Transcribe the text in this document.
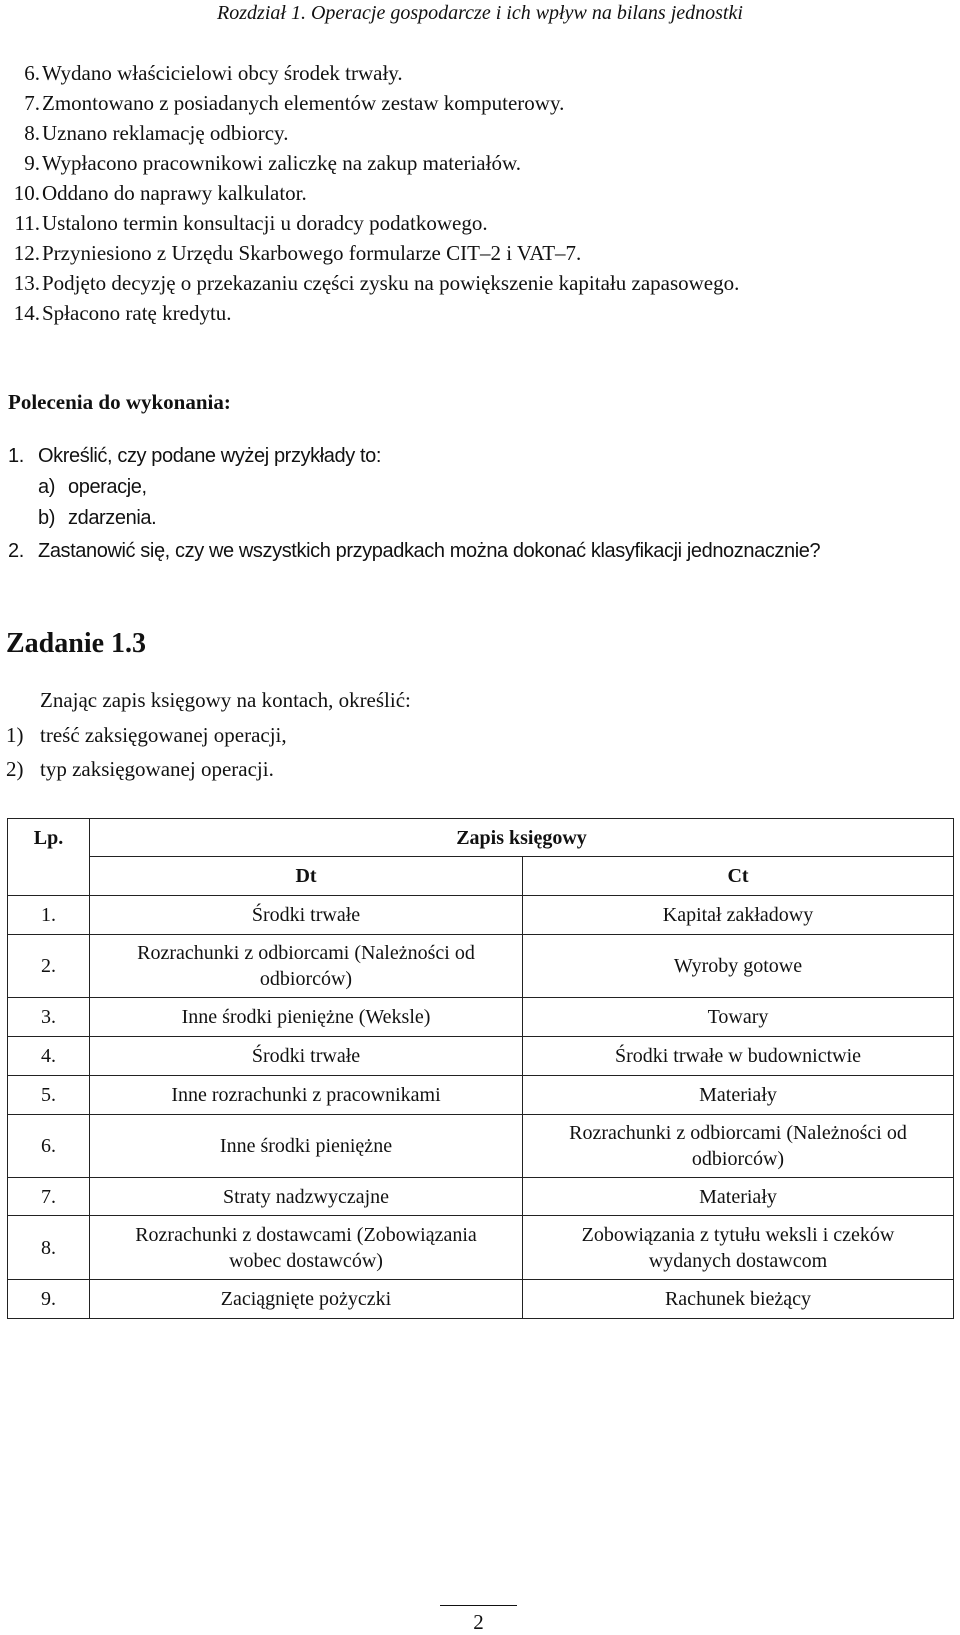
Rozdział 1. Operacje gospodarcze i ich wpływ na bilans jednostki
6. Wydano właścicielowi obcy środek trwały.
7. Zmontowano z posiadanych elementów zestaw komputerowy.
8. Uznano reklamację odbiorcy.
9. Wypłacono pracownikowi zaliczkę na zakup materiałów.
10. Oddano do naprawy kalkulator.
11. Ustalono termin konsultacji u doradcy podatkowego.
12. Przyniesiono z Urzędu Skarbowego formularze CIT–2 i VAT–7.
13. Podjęto decyzję o przekazaniu części zysku na powiększenie kapitału zapasowego.
14. Spłacono ratę kredytu.
Polecenia do wykonania:
1. Określić, czy podane wyżej przykłady to:
a) operacje,
b) zdarzenia.
2. Zastanowić się, czy we wszystkich przypadkach można dokonać klasyfikacji jednoznacznie?
Zadanie 1.3
Znając zapis księgowy na kontach, określić:
1) treść zaksięgowanej operacji,
2) typ zaksięgowanej operacji.
Lp.	Zapis księgowy	
	Dt	Ct
1.	Środki trwałe	Kapitał zakładowy
2.	Rozrachunki z odbiorcami (Należności od odbiorców)	Wyroby gotowe
3.	Inne środki pieniężne (Weksle)	Towary
4.	Środki trwałe	Środki trwałe w budownictwie
5.	Inne rozrachunki z pracownikami	Materiały
6.	Inne środki pieniężne	Rozrachunki z odbiorcami (Należności od odbiorców)
7.	Straty nadzwyczajne	Materiały
8.	Rozrachunki z dostawcami (Zobowiązania wobec dostawców)	Zobowiązania z tytułu weksli i czeków wydanych dostawcom
9.	Zaciągnięte pożyczki	Rachunek bieżący
2
